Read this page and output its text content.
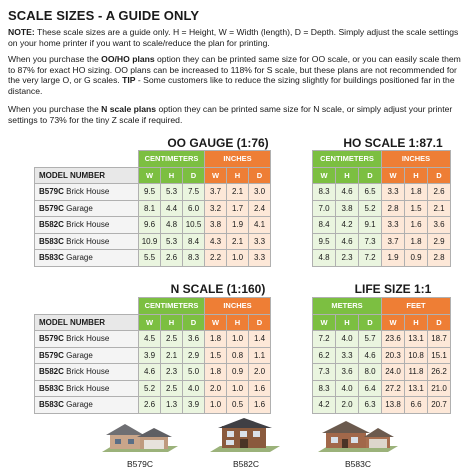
SCALE SIZES - A GUIDE ONLY
NOTE: These scale sizes are a guide only. H = Height, W = Width (length), D = Depth. Simply adjust the scale settings on your home printer if you want to scale/reduce the plan for printing.
When you purchase the OO/HO plans option they can be printed same size for OO scale, or you can easily scale them to 87% for exact HO sizing. OO plans can be increased to 118% for S scale, but these plans are not recommended for the very large O, or G scales. TIP - Some customers like to reduce the sizing slightly for buildings positioned far in the distance.
When you purchase the N scale plans option they can be printed same size for N scale, or simply adjust your printer settings to 73% for the tiny Z scale if required.
OO GAUGE (1:76)	HO SCALE 1:87.1
N SCALE (1:160)	LIFE SIZE 1:1
	CENTIMETERS			INCHES		
MODEL NUMBER	W	H	D	W	H	D
B579C Brick House	9.5	5.3	7.5	3.7	2.1	3.0
B579C Garage	8.1	4.4	6.0	3.2	1.7	2.4
B582C Brick House	9.6	4.8	10.5	3.8	1.9	4.1
B583C Brick House	10.9	5.3	8.4	4.3	2.1	3.3
B583C Garage	5.5	2.6	8.3	2.2	1.0	3.3
CENTIMETERS			INCHES		
W	H	D	W	H	D
8.3	4.6	6.5	3.3	1.8	2.6
7.0	3.8	5.2	2.8	1.5	2.1
8.4	4.2	9.1	3.3	1.6	3.6
9.5	4.6	7.3	3.7	1.8	2.9
4.8	2.3	7.2	1.9	0.9	2.8
	CENTIMETERS			INCHES		
MODEL NUMBER	W	H	D	W	H	D
B579C Brick House	4.5	2.5	3.6	1.8	1.0	1.4
B579C Garage	3.9	2.1	2.9	1.5	0.8	1.1
B582C Brick House	4.6	2.3	5.0	1.8	0.9	2.0
B583C Brick House	5.2	2.5	4.0	2.0	1.0	1.6
B583C Garage	2.6	1.3	3.9	1.0	0.5	1.6
METERS			FEET		
W	H	D	W	H	D
7.2	4.0	5.7	23.6	13.1	18.7
6.2	3.3	4.6	20.3	10.8	15.1
7.3	3.6	8.0	24.0	11.8	26.2
8.3	4.0	6.4	27.2	13.1	21.0
4.2	2.0	6.3	13.8	6.6	20.7
B579C	B582C	B583C
